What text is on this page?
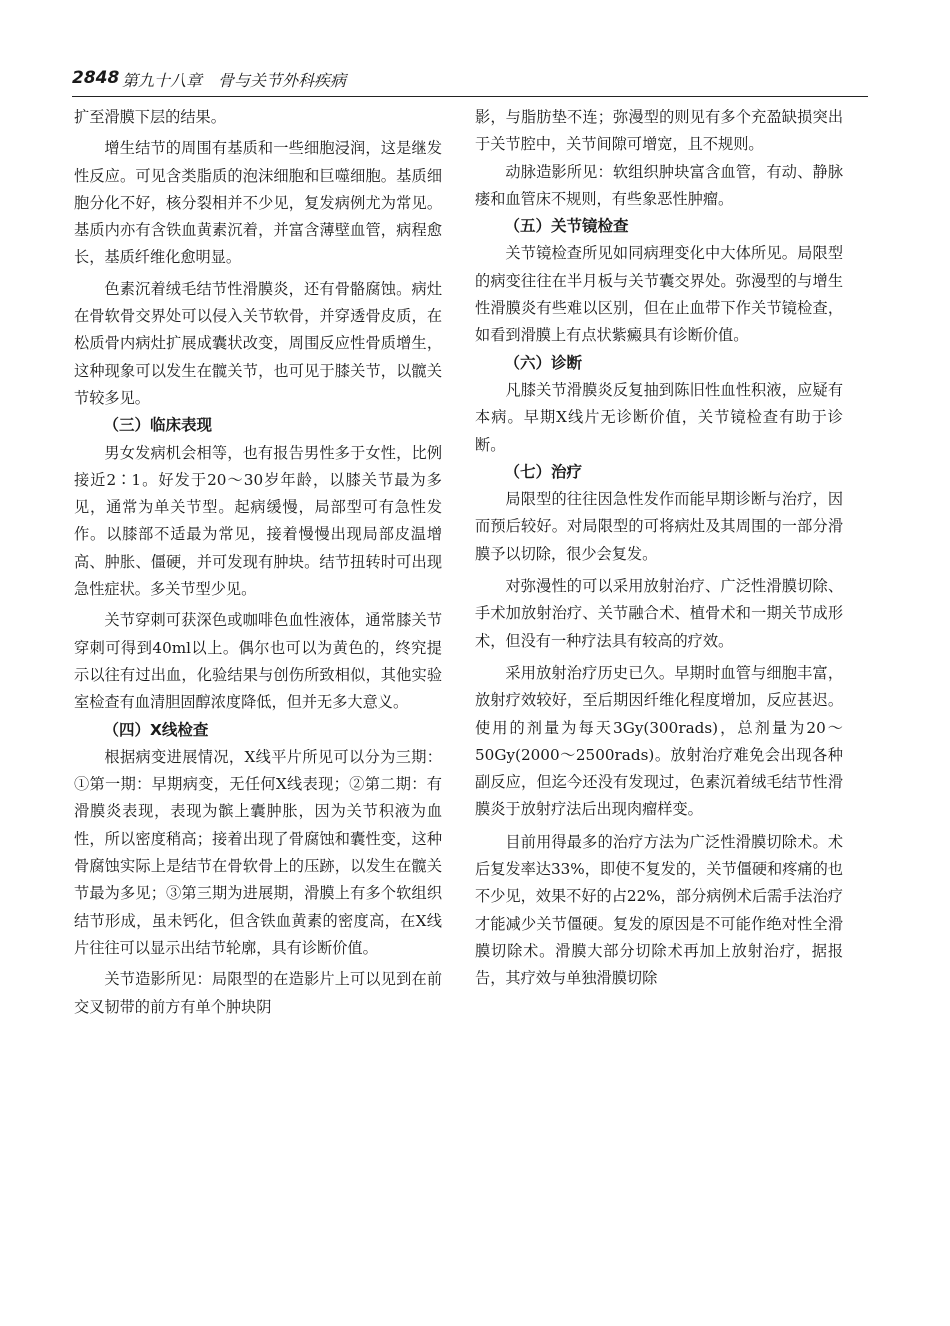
2848 第九十八章　骨与关节外科疾病

扩至滑膜下层的结果。

增生结节的周围有基质和一些细胞浸润，这是继发性反应。可见含类脂质的泡沫细胞和巨噬细胞。基质细胞分化不好，核分裂相并不少见，复发病例尤为常见。基质内亦有含铁血黄素沉着，并富含薄壁血管，病程愈长，基质纤维化愈明显。

色素沉着绒毛结节性滑膜炎，还有骨骼腐蚀。病灶在骨软骨交界处可以侵入关节软骨，并穿透骨皮质，在松质骨内病灶扩展成囊状改变，周围反应性骨质增生，这种现象可以发生在髋关节，也可见于膝关节，以髋关节较多见。

（三）临床表现

男女发病机会相等，也有报告男性多于女性，比例接近2∶1。好发于20～30岁年龄，以膝关节最为多见，通常为单关节型。起病缓慢，局部型可有急性发作。以膝部不适最为常见，接着慢慢出现局部皮温增高、肿胀、僵硬，并可发现有肿块。结节扭转时可出现急性症状。多关节型少见。

关节穿刺可获深色或咖啡色血性液体，通常膝关节穿刺可得到40ml以上。偶尔也可以为黄色的，终究提示以往有过出血，化验结果与创伤所致相似，其他实验室检查有血清胆固醇浓度降低，但并无多大意义。

（四）X线检查

根据病变进展情况，X线平片所见可以分为三期：①第一期：早期病变，无任何X线表现；②第二期：有滑膜炎表现，表现为髌上囊肿胀，因为关节积液为血性，所以密度稍高；接着出现了骨腐蚀和囊性变，这种骨腐蚀实际上是结节在骨软骨上的压跡，以发生在髋关节最为多见；③第三期为进展期，滑膜上有多个软组织结节形成，虽未钙化，但含铁血黄素的密度高，在X线片往往可以显示出结节轮廓，具有诊断价值。

关节造影所见：局限型的在造影片上可以见到在前交叉韧带的前方有单个肿块阴

影，与脂肪垫不连；弥漫型的则见有多个充盈缺损突出于关节腔中，关节间隙可增宽，且不规则。

动脉造影所见：软组织肿块富含血管，有动、静脉瘘和血管床不规则，有些象恶性肿瘤。

（五）关节镜检查

关节镜检查所见如同病理变化中大体所见。局限型的病变往往在半月板与关节囊交界处。弥漫型的与增生性滑膜炎有些难以区别，但在止血带下作关节镜检查，如看到滑膜上有点状紫癜具有诊断价值。

（六）诊断

凡膝关节滑膜炎反复抽到陈旧性血性积液，应疑有本病。早期X线片无诊断价值，关节镜检查有助于诊断。

（七）治疗

局限型的往往因急性发作而能早期诊断与治疗，因而预后较好。对局限型的可将病灶及其周围的一部分滑膜予以切除，很少会复发。

对弥漫性的可以采用放射治疗、广泛性滑膜切除、手术加放射治疗、关节融合术、植骨术和一期关节成形术，但没有一种疗法具有较高的疗效。

采用放射治疗历史已久。早期时血管与细胞丰富，放射疗效较好，至后期因纤维化程度增加，反应甚迟。使用的剂量为每天3Gy(300rads)，总剂量为20～50Gy(2000～2500rads)。放射治疗难免会出现各种副反应，但迄今还没有发现过，色素沉着绒毛结节性滑膜炎于放射疗法后出现肉瘤样变。

目前用得最多的治疗方法为广泛性滑膜切除术。术后复发率达33%，即使不复发的，关节僵硬和疼痛的也不少见，效果不好的占22%，部分病例术后需手法治疗才能减少关节僵硬。复发的原因是不可能作绝对性全滑膜切除术。滑膜大部分切除术再加上放射治疗，据报告，其疗效与单独滑膜切除
